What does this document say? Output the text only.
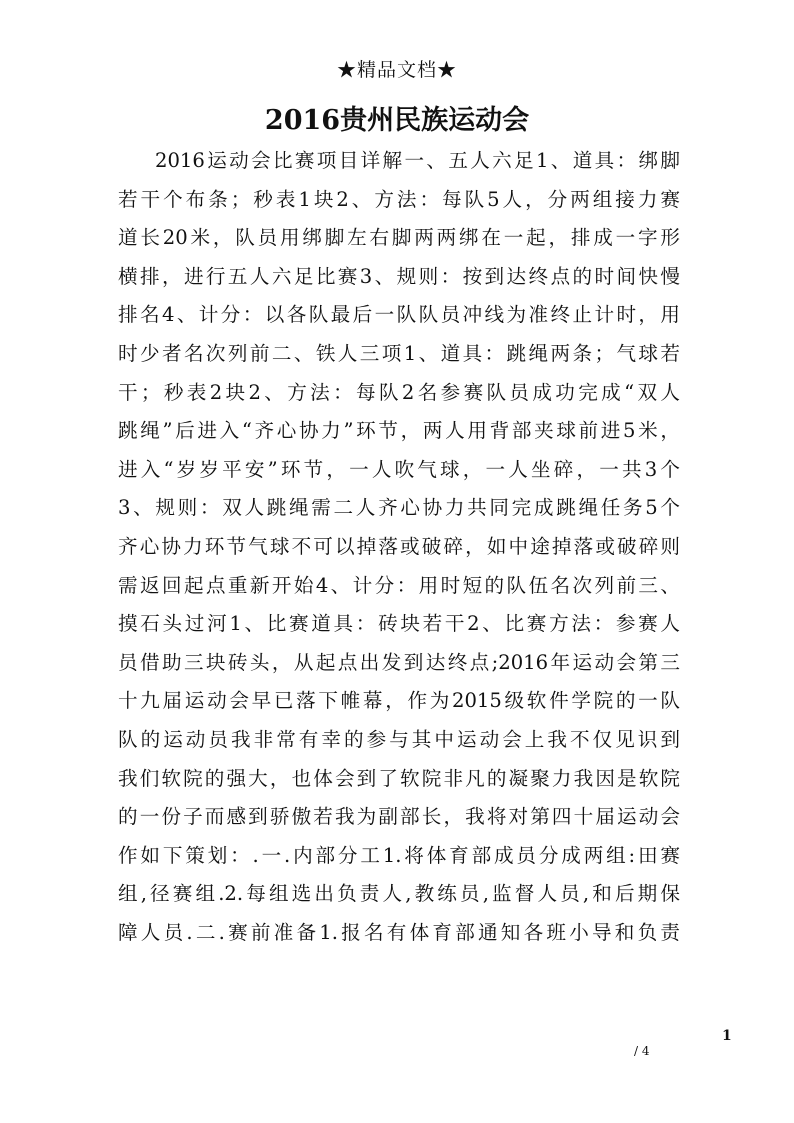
★精品文档★
2016贵州民族运动会
2016运动会比赛项目详解一、五人六足1、道具：绑脚
若干个布条；秒表1块2、方法：每队5人，分两组接力赛
道长20米，队员用绑脚左右脚两两绑在一起，排成一字形
横排，进行五人六足比赛3、规则：按到达终点的时间快慢
排名4、计分：以各队最后一队队员冲线为准终止计时，用
时少者名次列前二、铁人三项1、道具：跳绳两条；气球若
干；秒表2块2、方法：每队2名参赛队员成功完成“双人
跳绳”后进入“齐心协力”环节，两人用背部夹球前进5米，
进入“岁岁平安”环节，一人吹气球，一人坐碎，一共3个
3、规则：双人跳绳需二人齐心协力共同完成跳绳任务5个
齐心协力环节气球不可以掉落或破碎，如中途掉落或破碎则
需返回起点重新开始4、计分：用时短的队伍名次列前三、
摸石头过河1、比赛道具：砖块若干2、比赛方法：参赛人
员借助三块砖头，从起点出发到达终点;2016年运动会第三
十九届运动会早已落下帷幕，作为2015级软件学院的一队
队的运动员我非常有幸的参与其中运动会上我不仅见识到
我们软院的强大，也体会到了软院非凡的凝聚力我因是软院
的一份子而感到骄傲若我为副部长，我将对第四十届运动会
作如下策划：.一.内部分工1.将体育部成员分成两组:田赛
组,径赛组.2.每组选出负责人,教练员,监督人员,和后期保
障人员.二.赛前准备1.报名有体育部通知各班小导和负责
1
/ 4
